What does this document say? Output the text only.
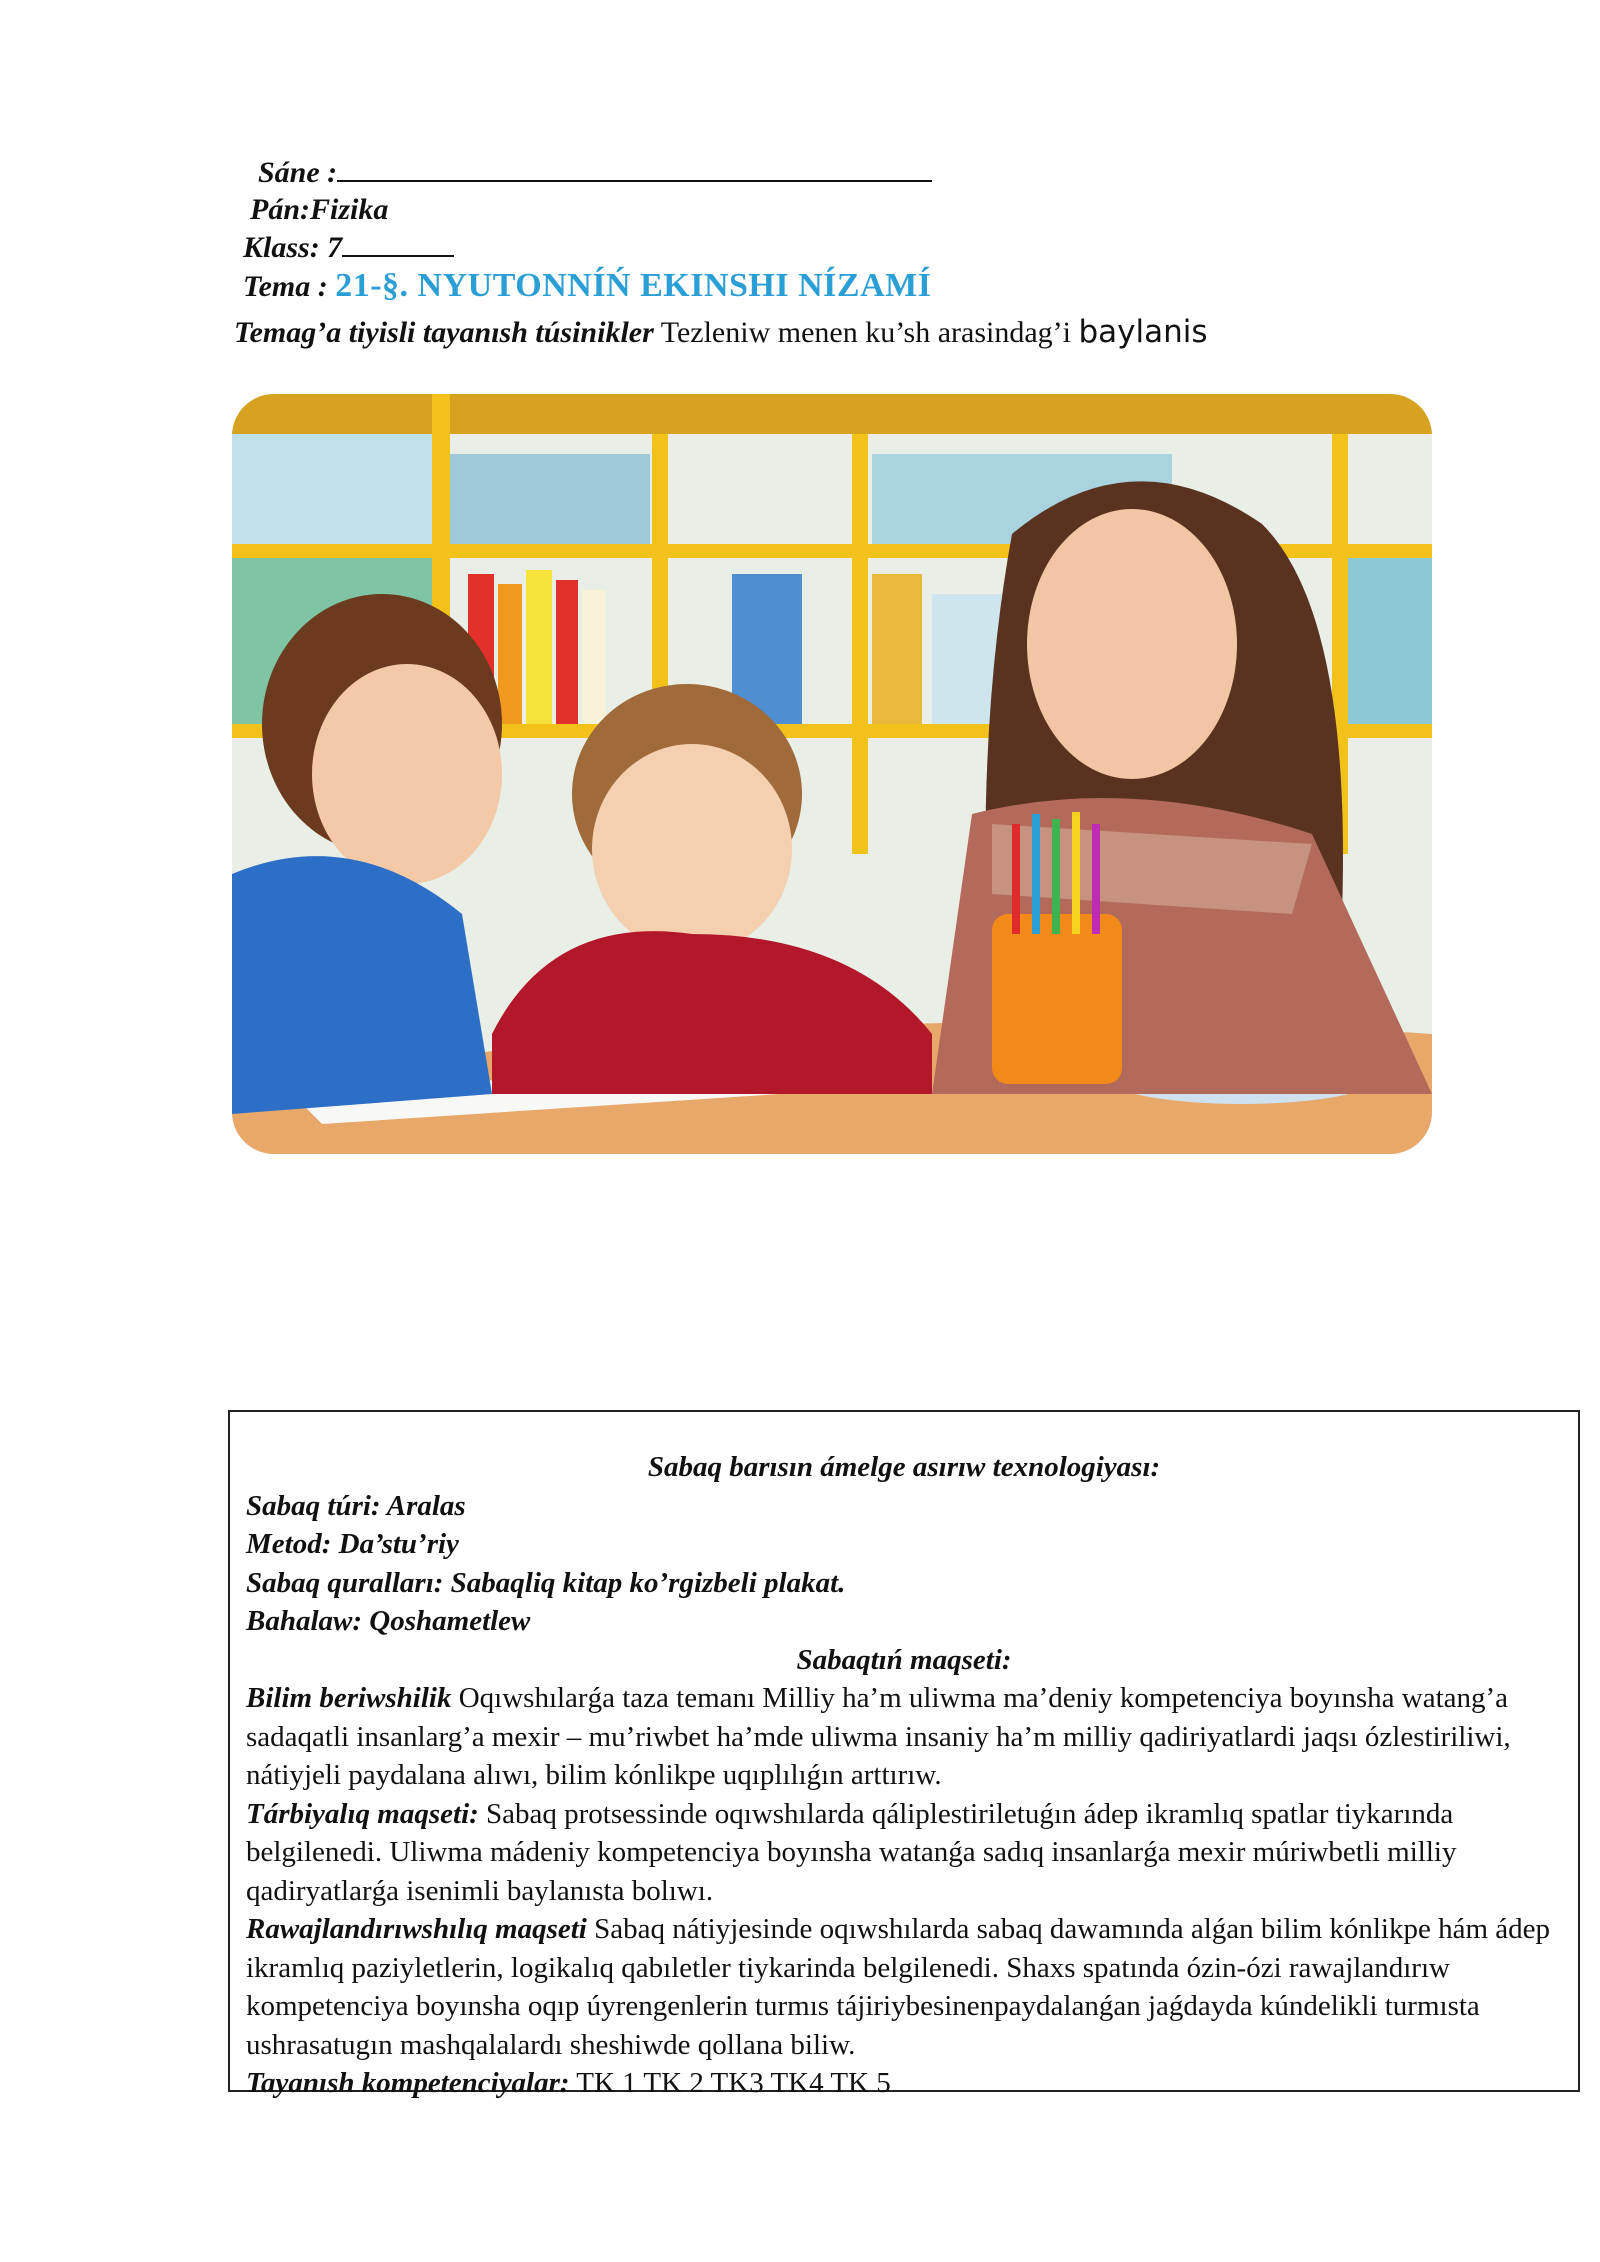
Sáne :
Pán:Fizika
Klass: 7
Tema : 21-§. NYUTONNÍŃ EKINSHI NÍZAMÍ
Temag’a tiyisli tayanısh túsinikler Tezleniw menen ku’sh arasindag’i baylanis

Sabaq barısın ámelge asırıw texnologiyası:

Sabaq túri: Aralas

Metod: Da’stu’riy

Sabaq quralları: Sabaqliq kitap ko’rgizbeli plakat.

Bahalaw: Qoshametlew

Sabaqtıń maqseti:

Bilim beriwshilik Oqıwshılarǵa taza temanı Milliy ha’m uliwma ma’deniy kompetenciya boyınsha watang’a sadaqatli insanlarg’a mexir – mu’riwbet ha’mde uliwma insaniy ha’m milliy qadiriyatlardi jaqsı ózlestiriliwi, nátiyjeli paydalana alıwı, bilim kónlikpe uqıplılıǵın arttırıw.

Tárbiyalıq maqseti: Sabaq protsessinde oqıwshılarda qáliplestiriletuǵın ádep ikramlıq spatlar tiykarında belgilenedi. Uliwma mádeniy kompetenciya boyınsha watanǵa sadıq insanlarǵa mexir múriwbetli milliy qadiryatlarǵa isenimli baylanısta bolıwı.

Rawajlandırıwshılıq maqseti Sabaq nátiyjesinde oqıwshılarda sabaq dawamında alǵan bilim kónlikpe hám ádep ikramlıq paziyletlerin, logikalıq qabıletler tiykarinda belgilenedi. Shaxs spatında ózin-ózi rawajlandırıw kompetenciya boyınsha oqıp úyrengenlerin turmıs tájiriybesinenpaydalanǵan jaǵdayda kúndelikli turmısta ushrasatugın mashqalalardı sheshiwde qollana biliw.

Tayanısh kompetenciyalar: TK 1 TK 2 TK3 TK4 TK 5
